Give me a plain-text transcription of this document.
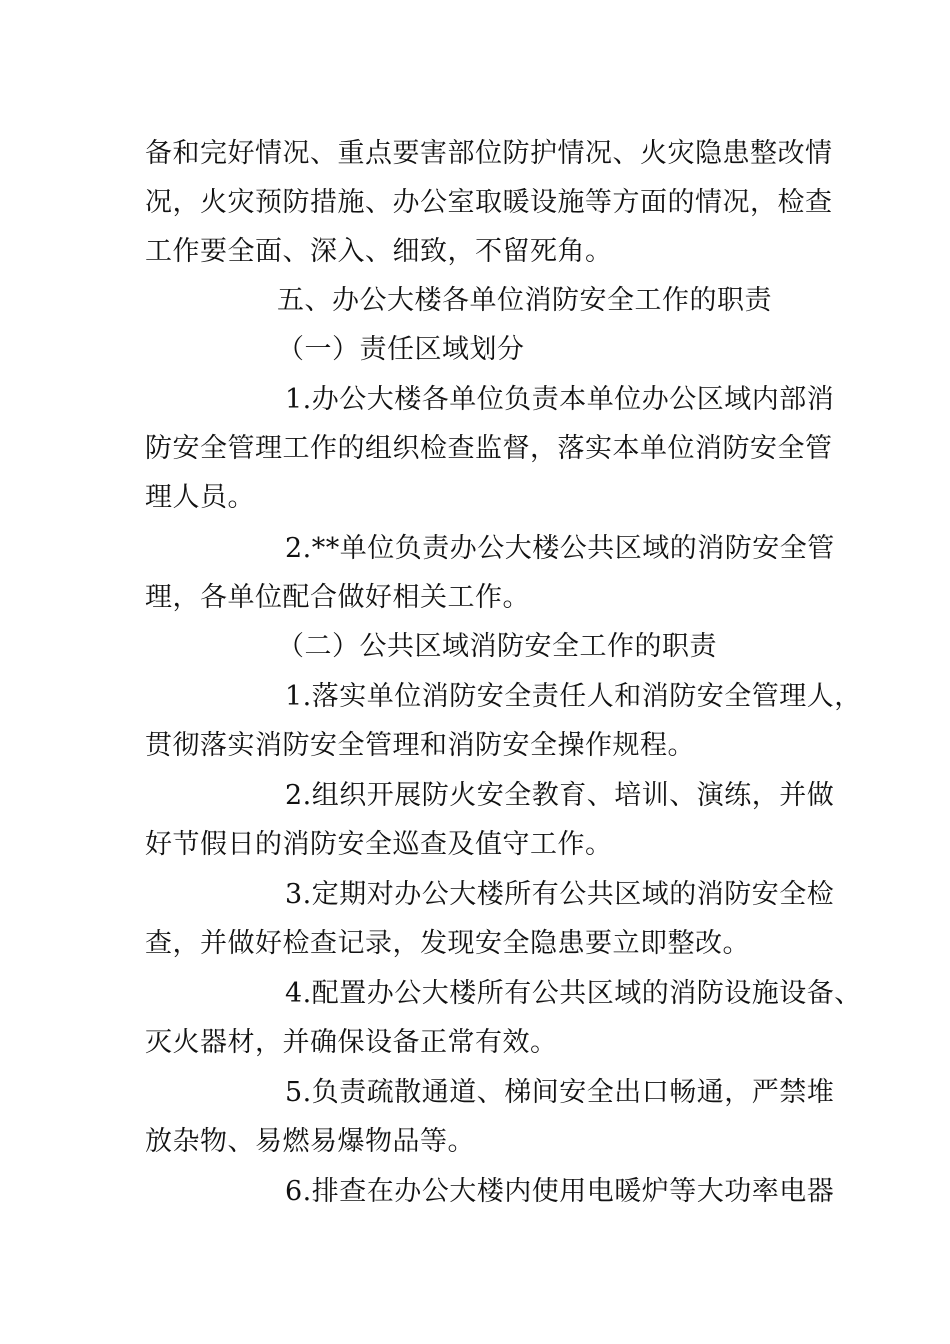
备和完好情况、重点要害部位防护情况、火灾隐患整改情
况，火灾预防措施、办公室取暖设施等方面的情况，检查
工作要全面、深入、细致，不留死角。
五、办公大楼各单位消防安全工作的职责
（一）责任区域划分
1.办公大楼各单位负责本单位办公区域内部消
防安全管理工作的组织检查监督，落实本单位消防安全管
理人员。
2.**单位负责办公大楼公共区域的消防安全管
理，各单位配合做好相关工作。
（二）公共区域消防安全工作的职责
1.落实单位消防安全责任人和消防安全管理人，
贯彻落实消防安全管理和消防安全操作规程。
2.组织开展防火安全教育、培训、演练，并做
好节假日的消防安全巡查及值守工作。
3.定期对办公大楼所有公共区域的消防安全检
查，并做好检查记录，发现安全隐患要立即整改。
4.配置办公大楼所有公共区域的消防设施设备、
灭火器材，并确保设备正常有效。
5.负责疏散通道、梯间安全出口畅通，严禁堆
放杂物、易燃易爆物品等。
6.排查在办公大楼内使用电暖炉等大功率电器
